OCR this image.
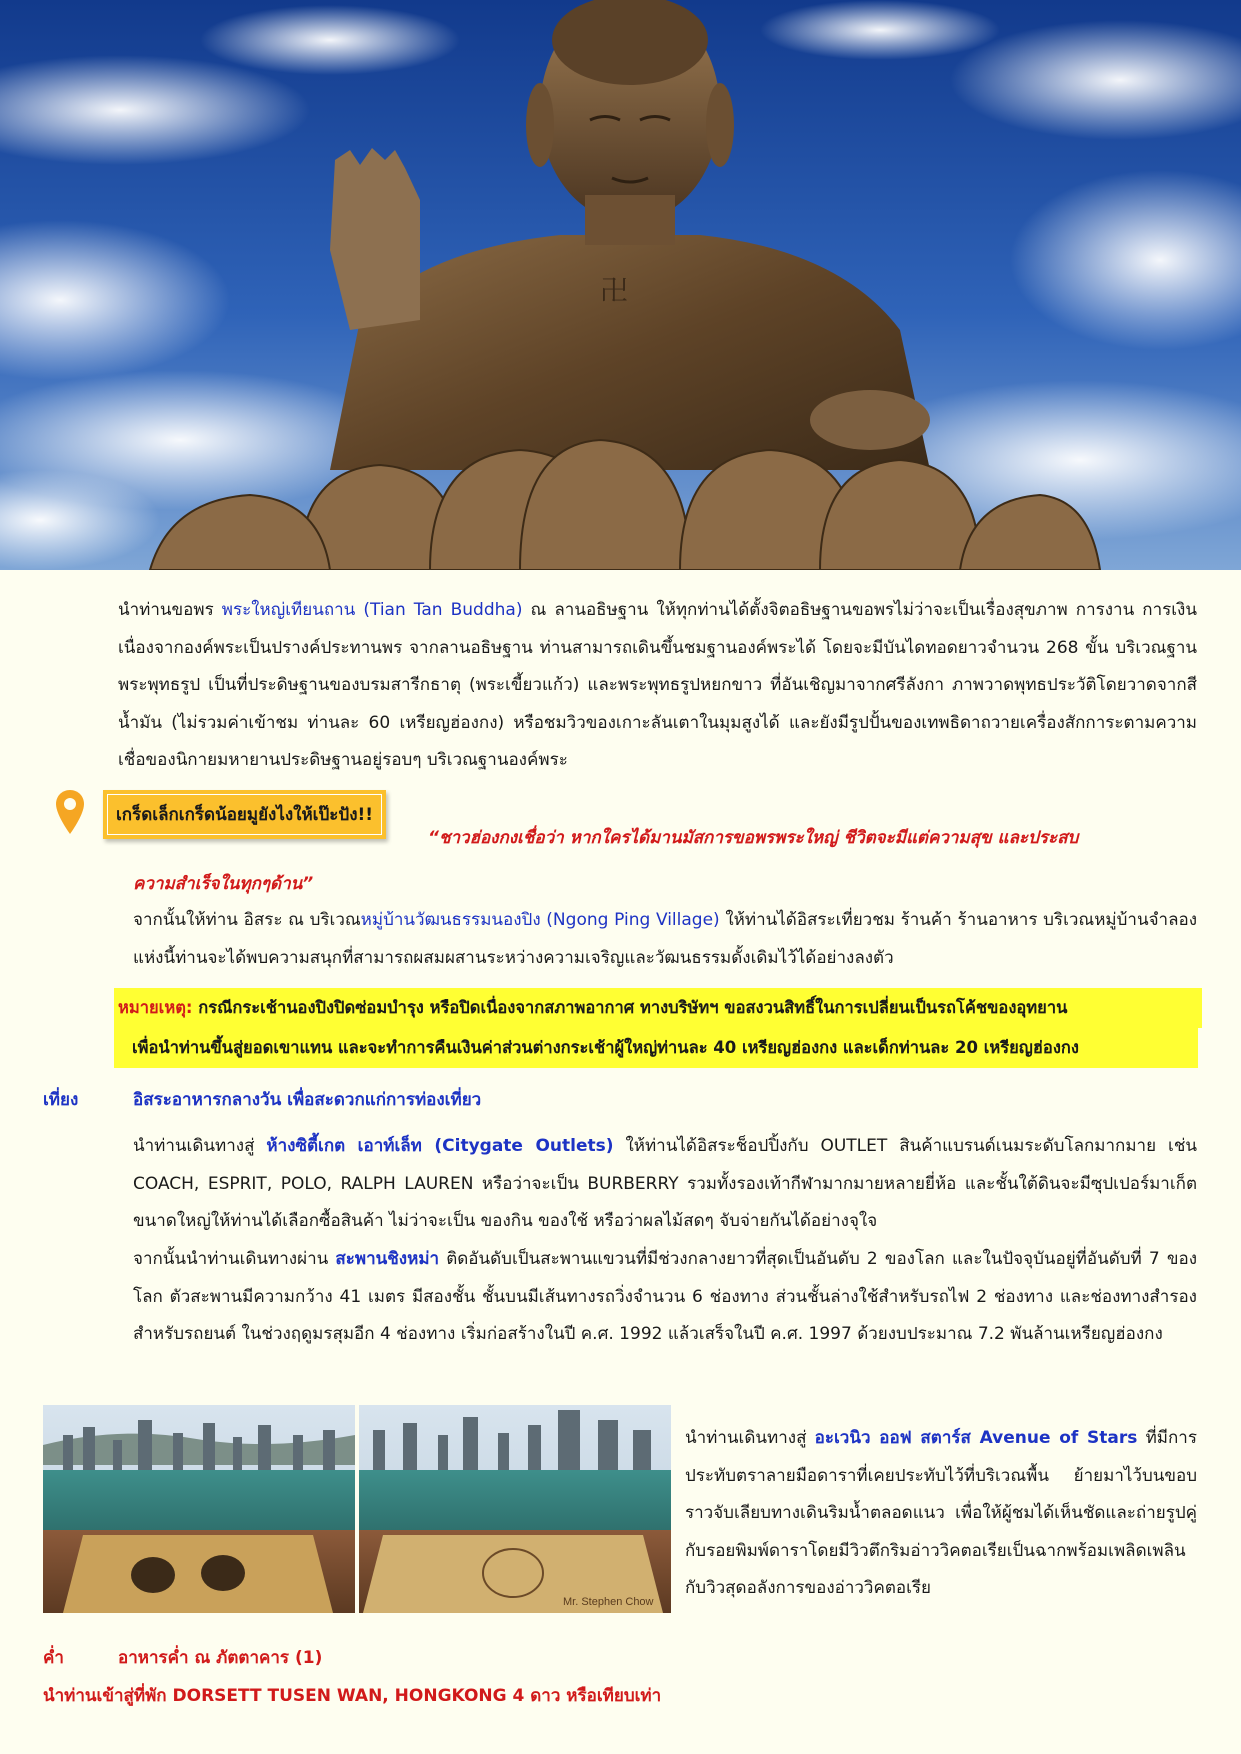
卍

นำท่านขอพร พระใหญ่เทียนถาน (Tian Tan Buddha) ณ ลานอธิษฐาน ให้ทุกท่านได้ตั้งจิตอธิษฐานขอพรไม่ว่าจะเป็นเรื่องสุขภาพ การงาน การเงิน เนื่องจากองค์พระเป็นปรางค์ประทานพร จากลานอธิษฐาน ท่านสามารถเดินขึ้นชมฐานองค์พระได้ โดยจะมีบันไดทอดยาวจำนวน 268 ขั้น บริเวณฐานพระพุทธรูป เป็นที่ประดิษฐานของบรมสารีกธาตุ (พระเขี้ยวแก้ว) และพระพุทธรูปหยกขาว ที่อันเชิญมาจากศรีลังกา ภาพวาดพุทธประวัติโดยวาดจากสีน้ำมัน (ไม่รวมค่าเข้าชม ท่านละ 60 เหรียญฮ่องกง) หรือชมวิวของเกาะลันเตาในมุมสูงได้ และยังมีรูปปั้นของเทพธิดาถวายเครื่องสักการะตามความเชื่อของนิกายมหายานประดิษฐานอยู่รอบๆ บริเวณฐานองค์พระ

เกร็ดเล็กเกร็ดน้อยมูยังไงให้เป๊ะปัง!!
“ชาวฮ่องกงเชื่อว่า หากใครได้มานมัสการขอพรพระใหญ่ ชีวิตจะมีแต่ความสุข และประสบ
ความสำเร็จในทุกๆด้าน”

จากนั้นให้ท่าน อิสระ ณ บริเวณหมู่บ้านวัฒนธรรมนองปิง (Ngong Ping Village) ให้ท่านได้อิสระเที่ยวชม ร้านค้า ร้านอาหาร บริเวณหมู่บ้านจำลองแห่งนี้ท่านจะได้พบความสนุกที่สามารถผสมผสานระหว่างความเจริญและวัฒนธรรมดั้งเดิมไว้ได้อย่างลงตัว

หมายเหตุ: กรณีกระเช้านองปิงปิดซ่อมบำรุง หรือปิดเนื่องจากสภาพอากาศ ทางบริษัทฯ ขอสงวนสิทธิ์ในการเปลี่ยนเป็นรถโค้ชของอุทยาน
เพื่อนำท่านขึ้นสู่ยอดเขาแทน และจะทำการคืนเงินค่าส่วนต่างกระเช้าผู้ใหญ่ท่านละ 40 เหรียญฮ่องกง และเด็กท่านละ 20 เหรียญฮ่องกง
เที่ยง	อิสระอาหารกลางวัน เพื่อสะดวกแก่การท่องเที่ยว

นำท่านเดินทางสู่ ห้างซิตี้เกต เอาท์เล็ท (Citygate Outlets) ให้ท่านได้อิสระช็อปปิ้งกับ OUTLET สินค้าแบรนด์เนมระดับโลกมากมาย เช่น COACH, ESPRIT, POLO, RALPH LAUREN หรือว่าจะเป็น BURBERRY รวมทั้งรองเท้ากีฬามากมายหลายยี่ห้อ และชั้นใต้ดินจะมีซุปเปอร์มาเก็ตขนาดใหญ่ให้ท่านได้เลือกซื้อสินค้า ไม่ว่าจะเป็น ของกิน ของใช้ หรือว่าผลไม้สดๆ จับจ่ายกันได้อย่างจุใจ

จากนั้นนำท่านเดินทางผ่าน สะพานชิงหม่า ติดอันดับเป็นสะพานแขวนที่มีช่วงกลางยาวที่สุดเป็นอันดับ 2 ของโลก และในปัจจุบันอยู่ที่อันดับที่ 7 ของโลก ตัวสะพานมีความกว้าง 41 เมตร มีสองชั้น ชั้นบนมีเส้นทางรถวิ่งจำนวน 6 ช่องทาง ส่วนชั้นล่างใช้สำหรับรถไฟ 2 ช่องทาง และช่องทางสำรองสำหรับรถยนต์ ในช่วงฤดูมรสุมอีก 4 ช่องทาง เริ่มก่อสร้างในปี ค.ศ. 1992 แล้วเสร็จในปี ค.ศ. 1997 ด้วยงบประมาณ 7.2 พันล้านเหรียญฮ่องกง

Mr. Stephen Chow

นำท่านเดินทางสู่ อะเวนิว ออฟ สตาร์ส Avenue of Stars ที่มีการประทับตราลายมือดาราที่เคยประทับไว้ที่บริเวณพื้น ย้ายมาไว้บนขอบราวจับเลียบทางเดินริมน้ำตลอดแนว เพื่อให้ผู้ชมได้เห็นชัดและถ่ายรูปคู่กับรอยพิมพ์ดาราโดยมีวิวตึกริมอ่าววิคตอเรียเป็นฉากพร้อมเพลิดเพลินกับวิวสุดอลังการของอ่าววิคตอเรีย

ค่ำ	อาหารค่ำ ณ ภัตตาคาร (1)
นำท่านเข้าสู่ที่พัก DORSETT TUSEN WAN, HONGKONG 4 ดาว หรือเทียบเท่า
